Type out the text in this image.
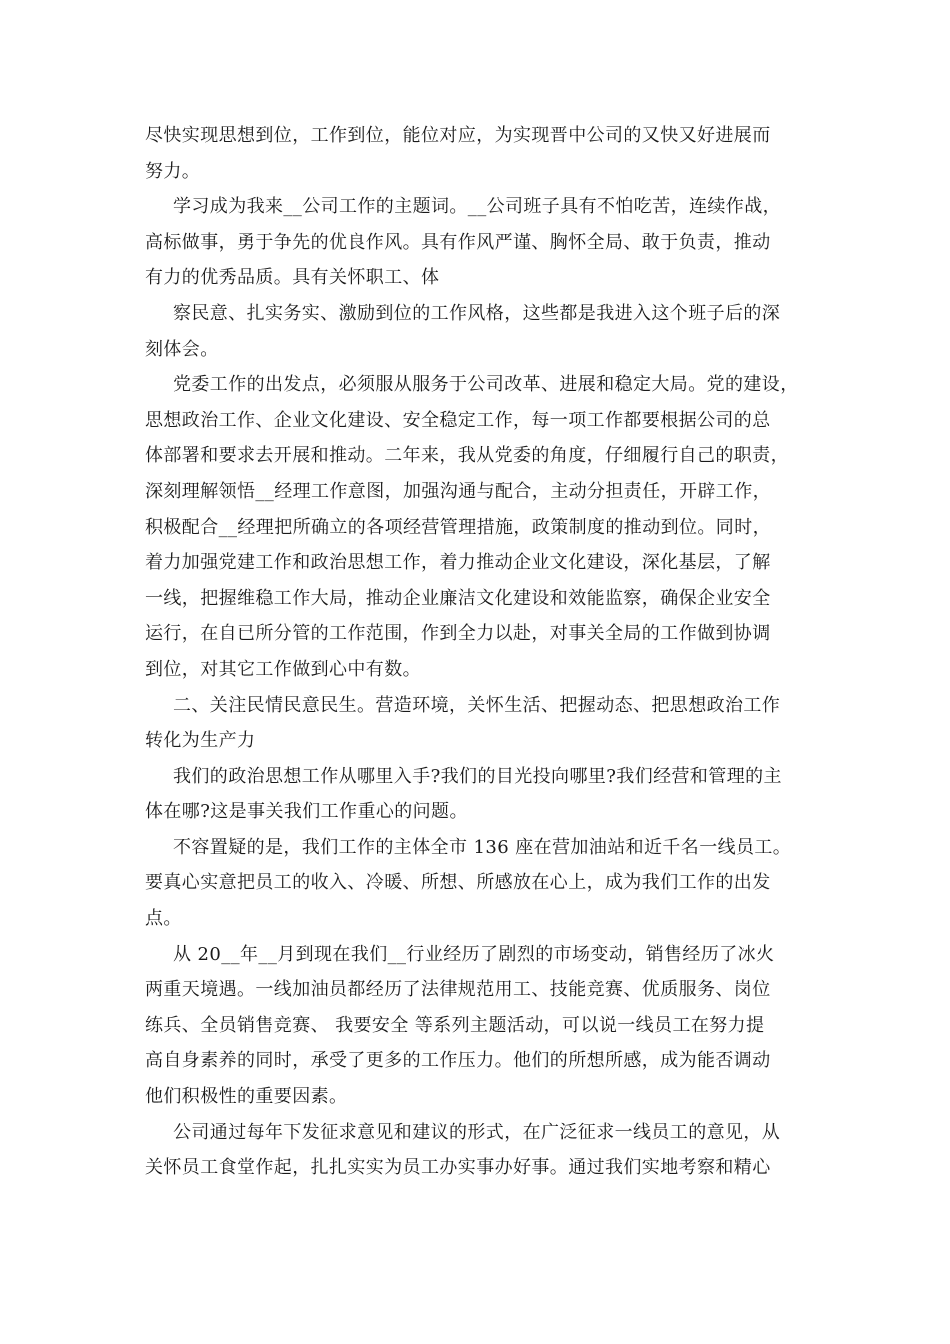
尽快实现思想到位，工作到位，能位对应，为实现晋中公司的又快又好进展而
努力。
学习成为我来__公司工作的主题词。__公司班子具有不怕吃苦，连续作战，
高标做事，勇于争先的优良作风。具有作风严谨、胸怀全局、敢于负责，推动
有力的优秀品质。具有关怀职工、体
察民意、扎实务实、激励到位的工作风格，这些都是我进入这个班子后的深
刻体会。
党委工作的出发点，必须服从服务于公司改革、进展和稳定大局。党的建设，
思想政治工作、企业文化建设、安全稳定工作，每一项工作都要根据公司的总
体部署和要求去开展和推动。二年来，我从党委的角度，仔细履行自己的职责，
深刻理解领悟__经理工作意图，加强沟通与配合，主动分担责任，开辟工作，
积极配合__经理把所确立的各项经营管理措施，政策制度的推动到位。同时，
着力加强党建工作和政治思想工作，着力推动企业文化建设，深化基层，了解
一线，把握维稳工作大局，推动企业廉洁文化建设和效能监察，确保企业安全
运行，在自已所分管的工作范围，作到全力以赴，对事关全局的工作做到协调
到位，对其它工作做到心中有数。
二、关注民情民意民生。营造环境，关怀生活、把握动态、把思想政治工作
转化为生产力
我们的政治思想工作从哪里入手?我们的目光投向哪里?我们经营和管理的主
体在哪?这是事关我们工作重心的问题。
不容置疑的是，我们工作的主体全市 136 座在营加油站和近千名一线员工。
要真心实意把员工的收入、冷暖、所想、所感放在心上，成为我们工作的出发
点。
从 20__年__月到现在我们__行业经历了剧烈的市场变动，销售经历了冰火
两重天境遇。一线加油员都经历了法律规范用工、技能竞赛、优质服务、岗位
练兵、全员销售竞赛、 我要安全 等系列主题活动，可以说一线员工在努力提
高自身素养的同时，承受了更多的工作压力。他们的所想所感，成为能否调动
他们积极性的重要因素。
公司通过每年下发征求意见和建议的形式，在广泛征求一线员工的意见，从
关怀员工食堂作起，扎扎实实为员工办实事办好事。通过我们实地考察和精心
